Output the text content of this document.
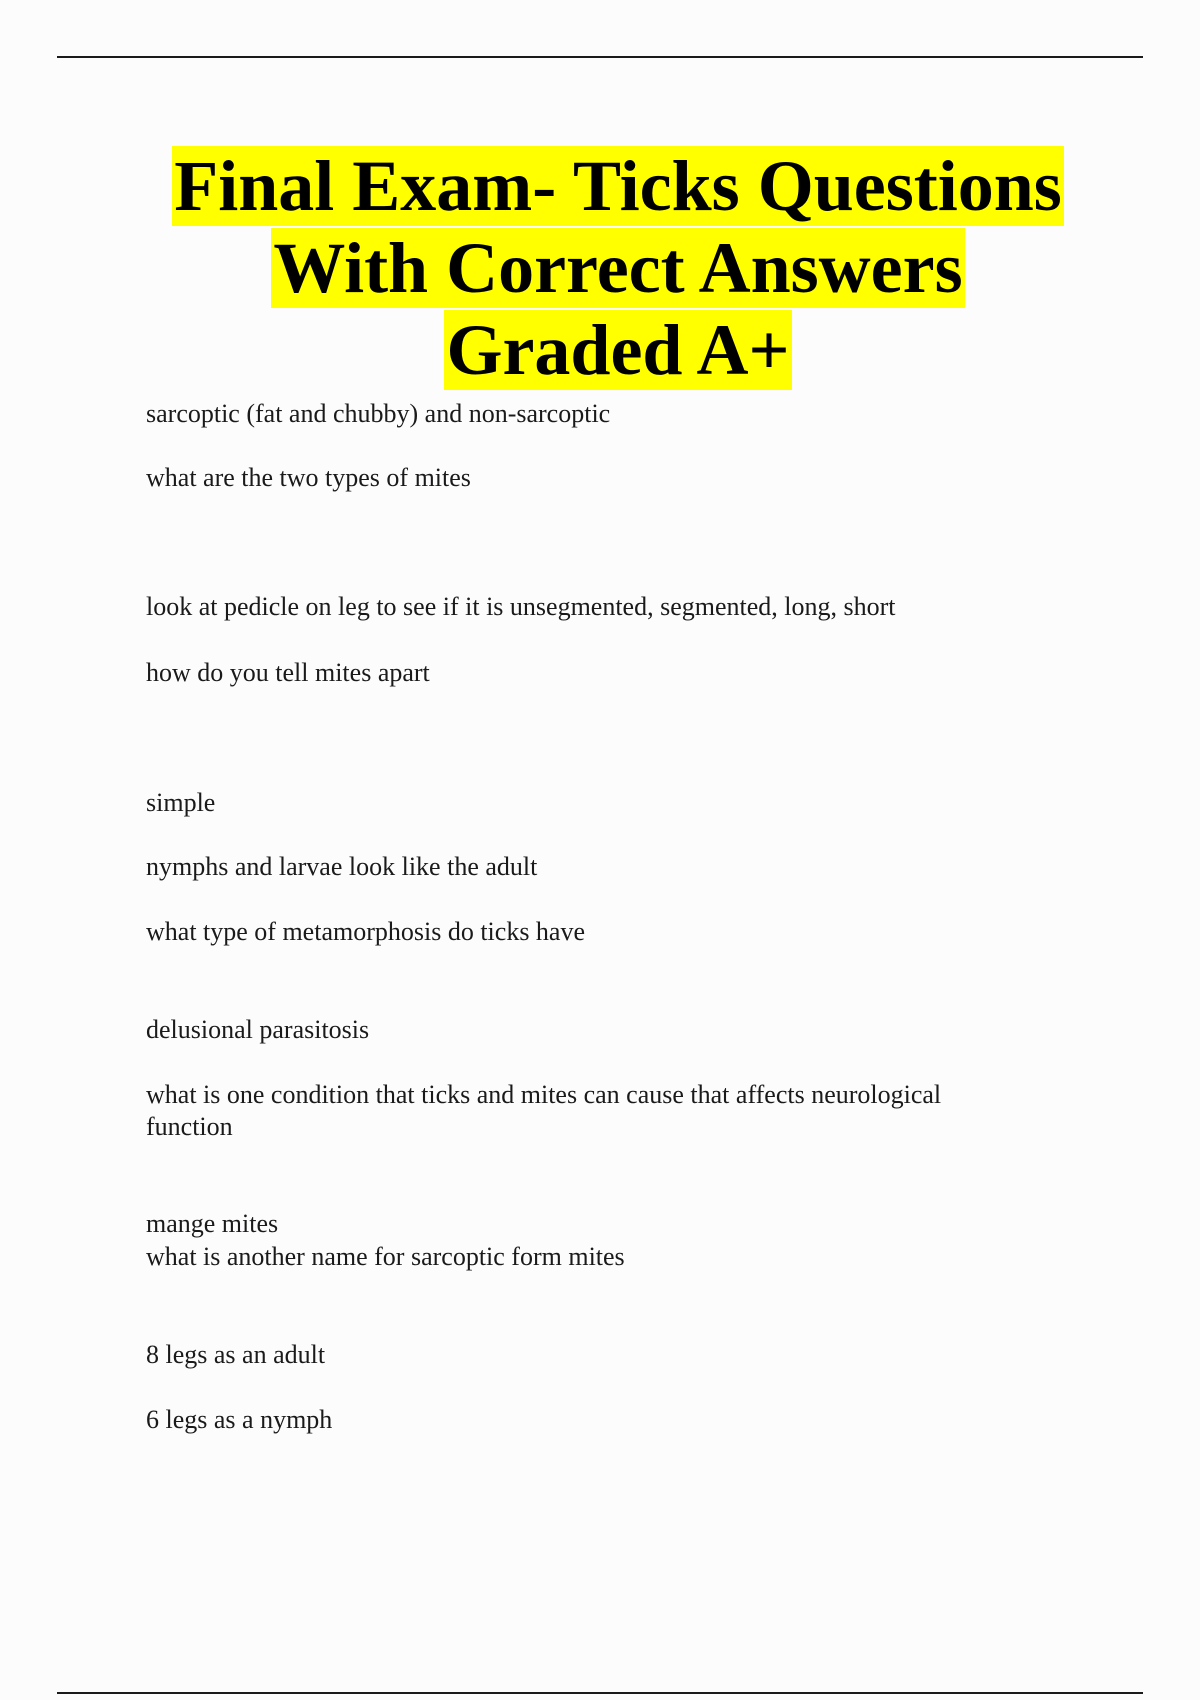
Final Exam- Ticks Questions
With Correct Answers
Graded A+
sarcoptic (fat and chubby) and non-sarcoptic
what are the two types of mites
look at pedicle on leg to see if it is unsegmented, segmented, long, short
how do you tell mites apart
simple
nymphs and larvae look like the adult
what type of metamorphosis do ticks have
delusional parasitosis
what is one condition that ticks and mites can cause that affects neurological
function
mange mites
what is another name for sarcoptic form mites
8 legs as an adult
6 legs as a nymph
